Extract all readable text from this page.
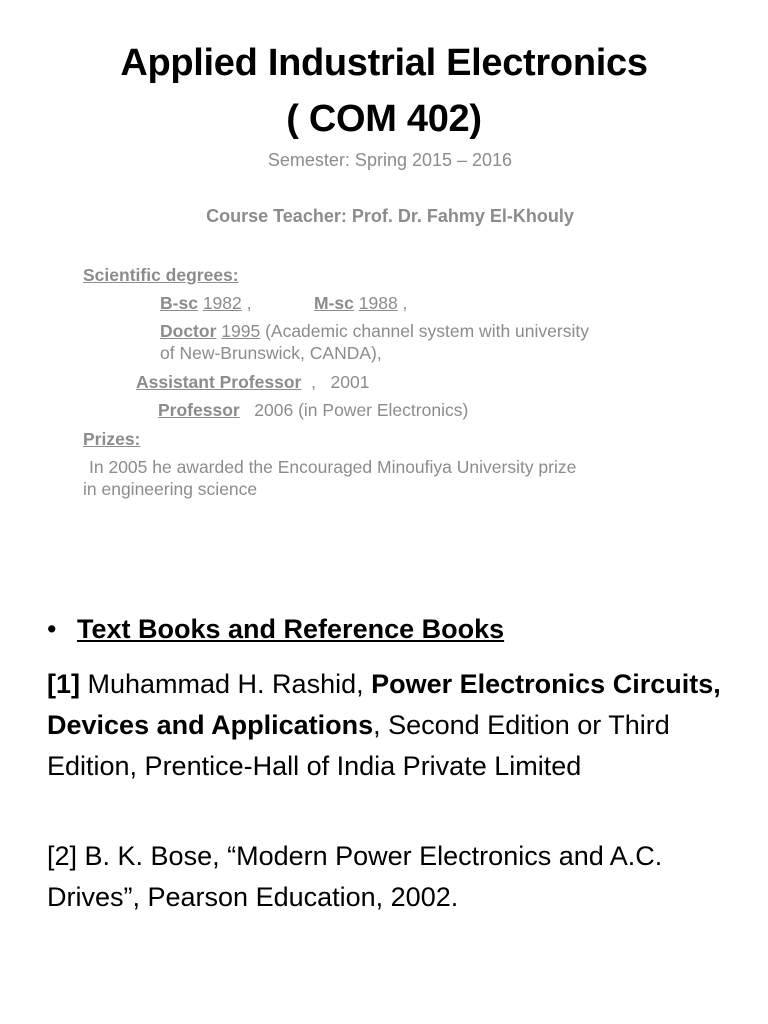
Applied Industrial Electronics
( COM 402)
Semester: Spring 2015 – 2016
Course Teacher: Prof. Dr. Fahmy El-Khouly
Scientific degrees:
B-sc 1982 ,	M-sc 1988 ,
Doctor 1995 (Academic channel system with university
of New-Brunswick, CANDA),
Assistant Professor  ,   2001
Professor 2006 (in Power Electronics)
Prizes:
In 2005 he awarded the Encouraged Minoufiya University prize
in engineering science
• Text Books and Reference Books
[1] Muhammad H. Rashid, Power Electronics Circuits, Devices and Applications, Second Edition or Third Edition, Prentice-Hall of India Private Limited
[2] B. K. Bose, “Modern Power Electronics and A.C. Drives”, Pearson Education, 2002.
